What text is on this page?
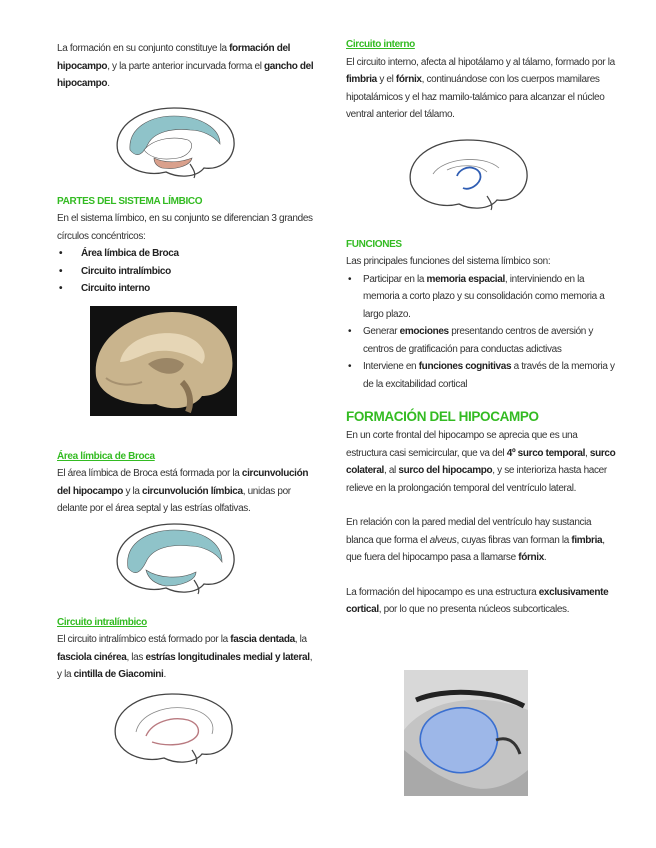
La formación en su conjunto constituye la formación del hipocampo, y la parte anterior incurvada forma el gancho del hipocampo.

PARTES DEL SISTEMA LÍMBICO

En el sistema límbico, en su conjunto se diferencian 3 grandes círculos concéntricos:

• Área límbica de Broca
• Circuito intralímbico
• Circuito interno

Área límbica de Broca

El área límbica de Broca está formada por la circunvolución del hipocampo y la circunvolución límbica, unidas por delante por el área septal y las estrías olfativas.

Circuito intralímbico

El circuito intralímbico está formado por la fascia dentada, la fasciola cinérea, las estrías longitudinales medial y lateral, y la cintilla de Giacomini.

Circuito interno

El circuito interno, afecta al hipotálamo y al tálamo, formado por la fimbria y el fórnix, continuándose con los cuerpos mamilares hipotalámicos y el haz mamilo-talámico para alcanzar el núcleo ventral anterior del tálamo.

FUNCIONES

Las principales funciones del sistema límbico son:

• Participar en la memoria espacial, interviniendo en la memoria a corto plazo y su consolidación como memoria a largo plazo.
• Generar emociones presentando centros de aversión y centros de gratificación para conductas adictivas
• Interviene en funciones cognitivas a través de la memoria y de la excitabilidad cortical

FORMACIÓN DEL HIPOCAMPO

En un corte frontal del hipocampo se aprecia que es una estructura casi semicircular, que va del 4º surco temporal, surco colateral, al surco del hipocampo, y se interioriza hasta hacer relieve en la prolongación temporal del ventrículo lateral.

En relación con la pared medial del ventrículo hay sustancia blanca que forma el alveus, cuyas fibras van forman la fimbria, que fuera del hipocampo pasa a llamarse fórnix.

La formación del hipocampo es una estructura exclusivamente cortical, por lo que no presenta núcleos subcorticales.
